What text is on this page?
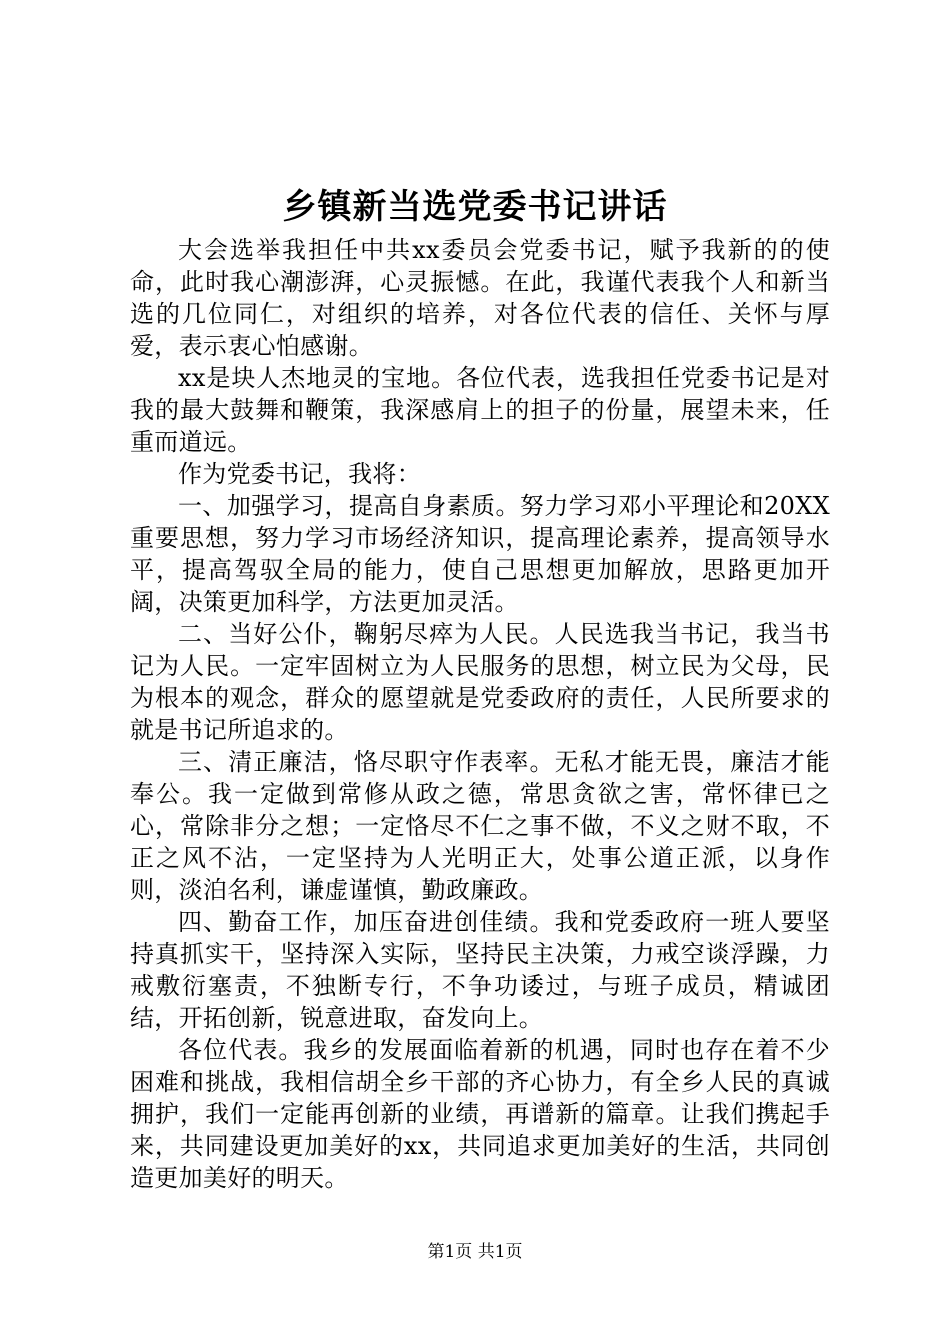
乡镇新当选党委书记讲话

大会选举我担任中共xx委员会党委书记，赋予我新的的使命，此时我心潮澎湃，心灵振憾。在此，我谨代表我个人和新当选的几位同仁，对组织的培养，对各位代表的信任、关怀与厚爱，表示衷心怕感谢。

xx是块人杰地灵的宝地。各位代表，选我担任党委书记是对我的最大鼓舞和鞭策，我深感肩上的担子的份量，展望未来，任重而道远。

作为党委书记，我将：

一、加强学习，提高自身素质。努力学习邓小平理论和20XX重要思想，努力学习市场经济知识，提高理论素养，提高领导水平，提高驾驭全局的能力，使自己思想更加解放，思路更加开阔，决策更加科学，方法更加灵活。

二、当好公仆，鞠躬尽瘁为人民。人民选我当书记，我当书记为人民。一定牢固树立为人民服务的思想，树立民为父母，民为根本的观念，群众的愿望就是党委政府的责任，人民所要求的就是书记所追求的。

三、清正廉洁，恪尽职守作表率。无私才能无畏，廉洁才能奉公。我一定做到常修从政之德，常思贪欲之害，常怀律已之心，常除非分之想；一定恪尽不仁之事不做，不义之财不取，不正之风不沾，一定坚持为人光明正大，处事公道正派，以身作则，淡泊名利，谦虚谨慎，勤政廉政。

四、勤奋工作，加压奋进创佳绩。我和党委政府一班人要坚持真抓实干，坚持深入实际，坚持民主决策，力戒空谈浮躁，力戒敷衍塞责，不独断专行，不争功诿过，与班子成员，精诚团结，开拓创新，锐意进取，奋发向上。

各位代表。我乡的发展面临着新的机遇，同时也存在着不少困难和挑战，我相信胡全乡干部的齐心协力，有全乡人民的真诚拥护，我们一定能再创新的业绩，再谱新的篇章。让我们携起手来，共同建设更加美好的xx，共同追求更加美好的生活，共同创造更加美好的明天。

第1页 共1页
